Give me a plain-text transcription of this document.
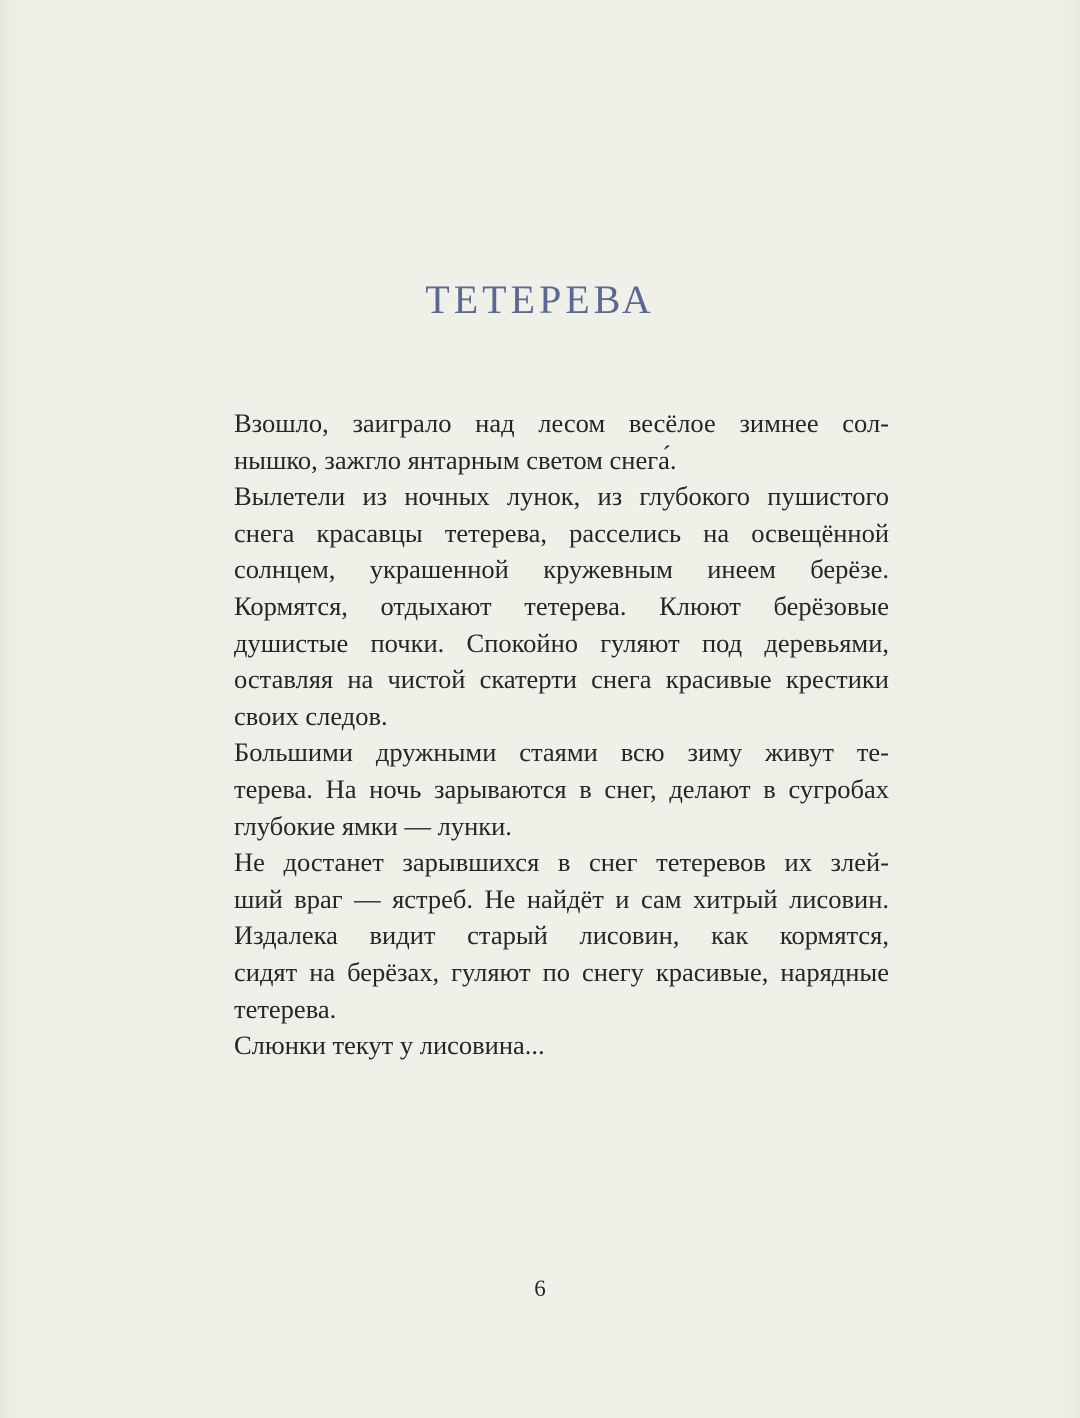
ТЕТЕРЕВА
Взошло, заиграло над лесом весёлое зимнее сол-
нышко, зажгло янтарным светом снега́.
Вылетели из ночных лунок, из глубокого пушистого
снега красавцы тетерева, расселись на освещённой
солнцем, украшенной кружевным инеем берёзе.
Кормятся, отдыхают тетерева. Клюют берёзовые
душистые почки. Спокойно гуляют под деревьями,
оставляя на чистой скатерти снега красивые крестики
своих следов.
Большими дружными стаями всю зиму живут те-
терева. На ночь зарываются в снег, делают в сугробах
глубокие ямки — лунки.
Не достанет зарывшихся в снег тетеревов их злей-
ший враг — ястреб. Не найдёт и сам хитрый лисовин.
Издалека видит старый лисовин, как кормятся,
сидят на берёзах, гуляют по снегу красивые, нарядные
тетерева.
Слюнки текут у лисовина...
6
